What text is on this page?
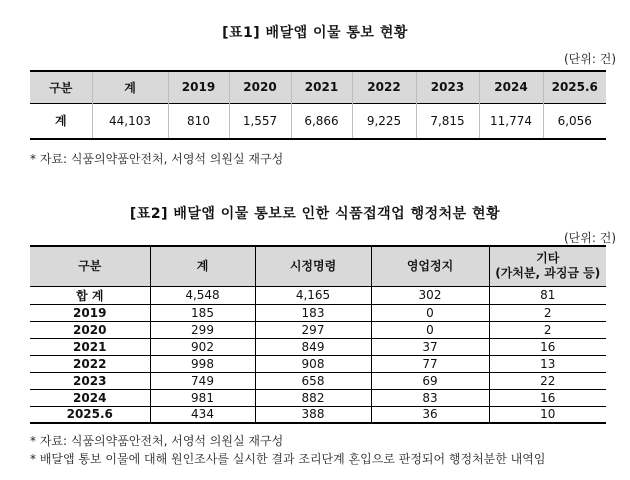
[표1] 배달앱 이물 통보 현황
(단위: 건)
구분	계	2019	2020	2021	2022	2023	2024	2025.6
계	44,103	810	1,557	6,866	9,225	7,815	11,774	6,056
* 자료: 식품의약품안전처, 서영석 의원실 재구성
[표2] 배달앱 이물 통보로 인한 식품접객업 행정처분 현황
(단위: 건)
구분	계	시정명령	영업정지	기타
(가처분, 과징금 등)

합 계	4,548	4,165	302	81
2019	185	183	0	2
2020	299	297	0	2
2021	902	849	37	16
2022	998	908	77	13
2023	749	658	69	22
2024	981	882	83	16
2025.6	434	388	36	10
* 자료: 식품의약품안전처, 서영석 의원실 재구성
* 배달앱 통보 이물에 대해 원인조사를 실시한 결과 조리단계 혼입으로 판정되어 행정처분한 내역임
